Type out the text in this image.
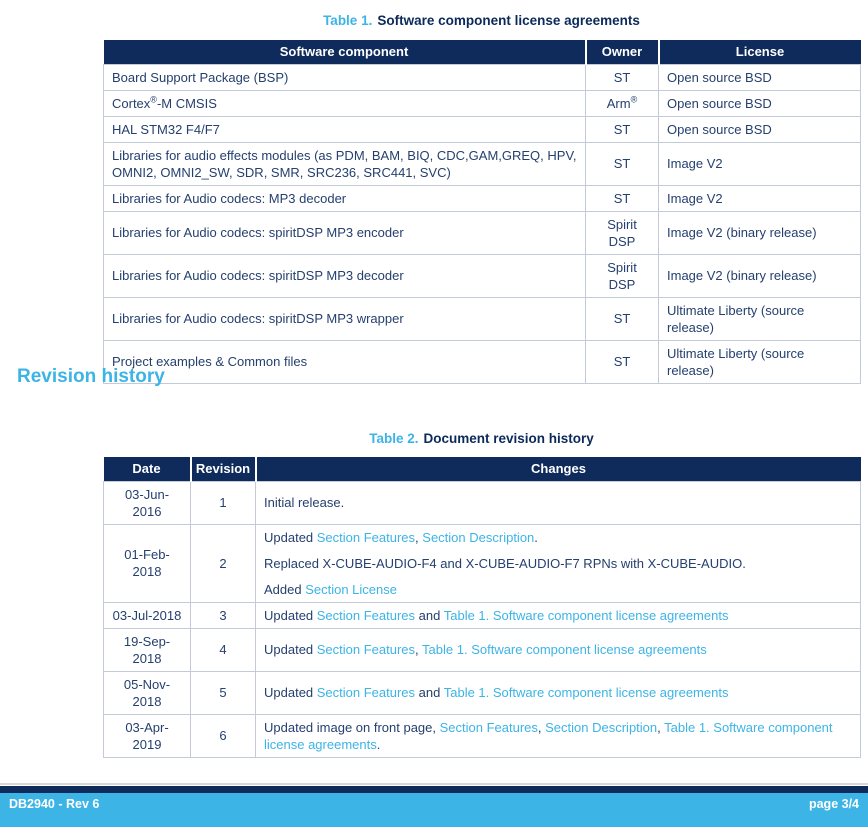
Table 1. Software component license agreements
Software component	Owner	License
Board Support Package (BSP)	ST	Open source BSD
Cortex®-M CMSIS	Arm®	Open source BSD
HAL STM32 F4/F7	ST	Open source BSD
Libraries for audio effects modules (as PDM, BAM, BIQ, CDC,GAM,GREQ, HPV, OMNI2, OMNI2_SW, SDR, SMR, SRC236, SRC441, SVC)	ST	Image V2
Libraries for Audio codecs: MP3 decoder	ST	Image V2
Libraries for Audio codecs: spiritDSP MP3 encoder	Spirit DSP	Image V2 (binary release)
Libraries for Audio codecs: spiritDSP MP3 decoder	Spirit DSP	Image V2 (binary release)
Libraries for Audio codecs: spiritDSP MP3 wrapper	ST	Ultimate Liberty (source release)
Project examples & Common files	ST	Ultimate Liberty (source release)
Revision history
Table 2. Document revision history
Date	Revision	Changes
03-Jun-2016	1	Initial release.

01-Feb-2018	2	Updated Section Features, Section Description.
Replaced X-CUBE-AUDIO-F4 and X-CUBE-AUDIO-F7 RPNs with X-CUBE-AUDIO.
Added Section License

03-Jul-2018	3	Updated Section Features and Table 1. Software component license agreements

19-Sep-2018	4	Updated Section Features, Table 1. Software component license agreements

05-Nov-2018	5	Updated Section Features and Table 1. Software component license agreements

03-Apr-2019	6	Updated image on front page, Section Features, Section Description, Table 1. Software component license agreements.
DB2940 - Rev 6	page 3/4
